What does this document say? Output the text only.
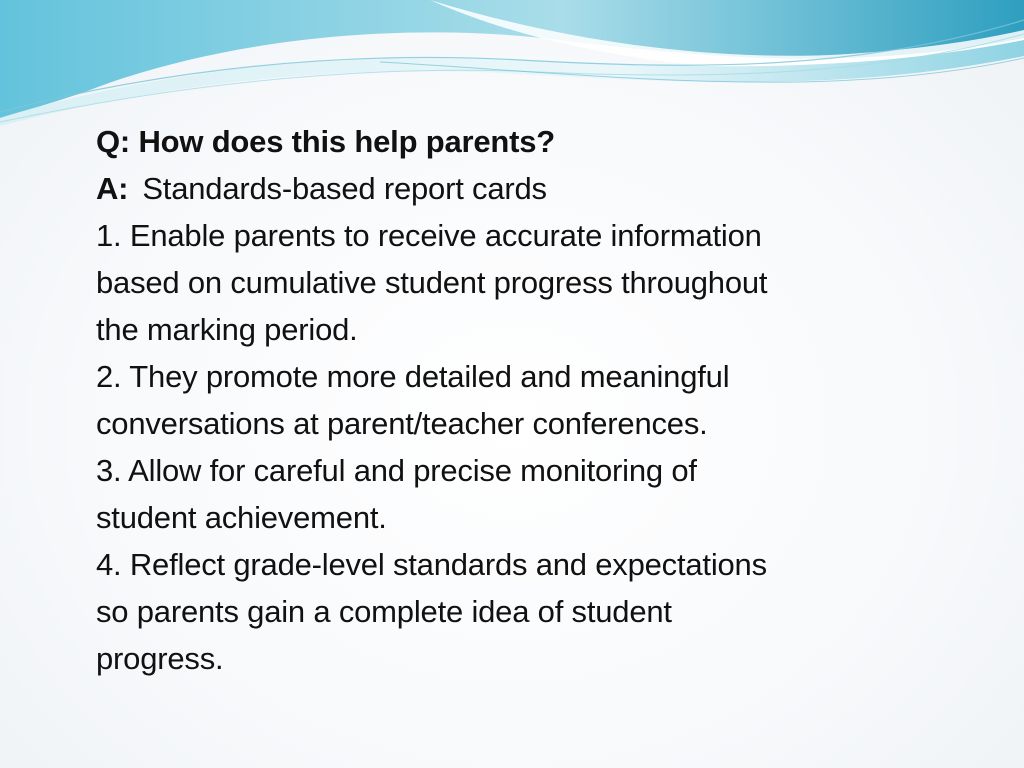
Q: How does this help parents?
A: Standards-based report cards
1. Enable parents to receive accurate information
based on cumulative student progress throughout
the marking period.
2. They promote more detailed and meaningful
conversations at parent/teacher conferences.
3. Allow for careful and precise monitoring of
student achievement.
4. Reflect grade-level standards and expectations
so parents gain a complete idea of student
progress.
